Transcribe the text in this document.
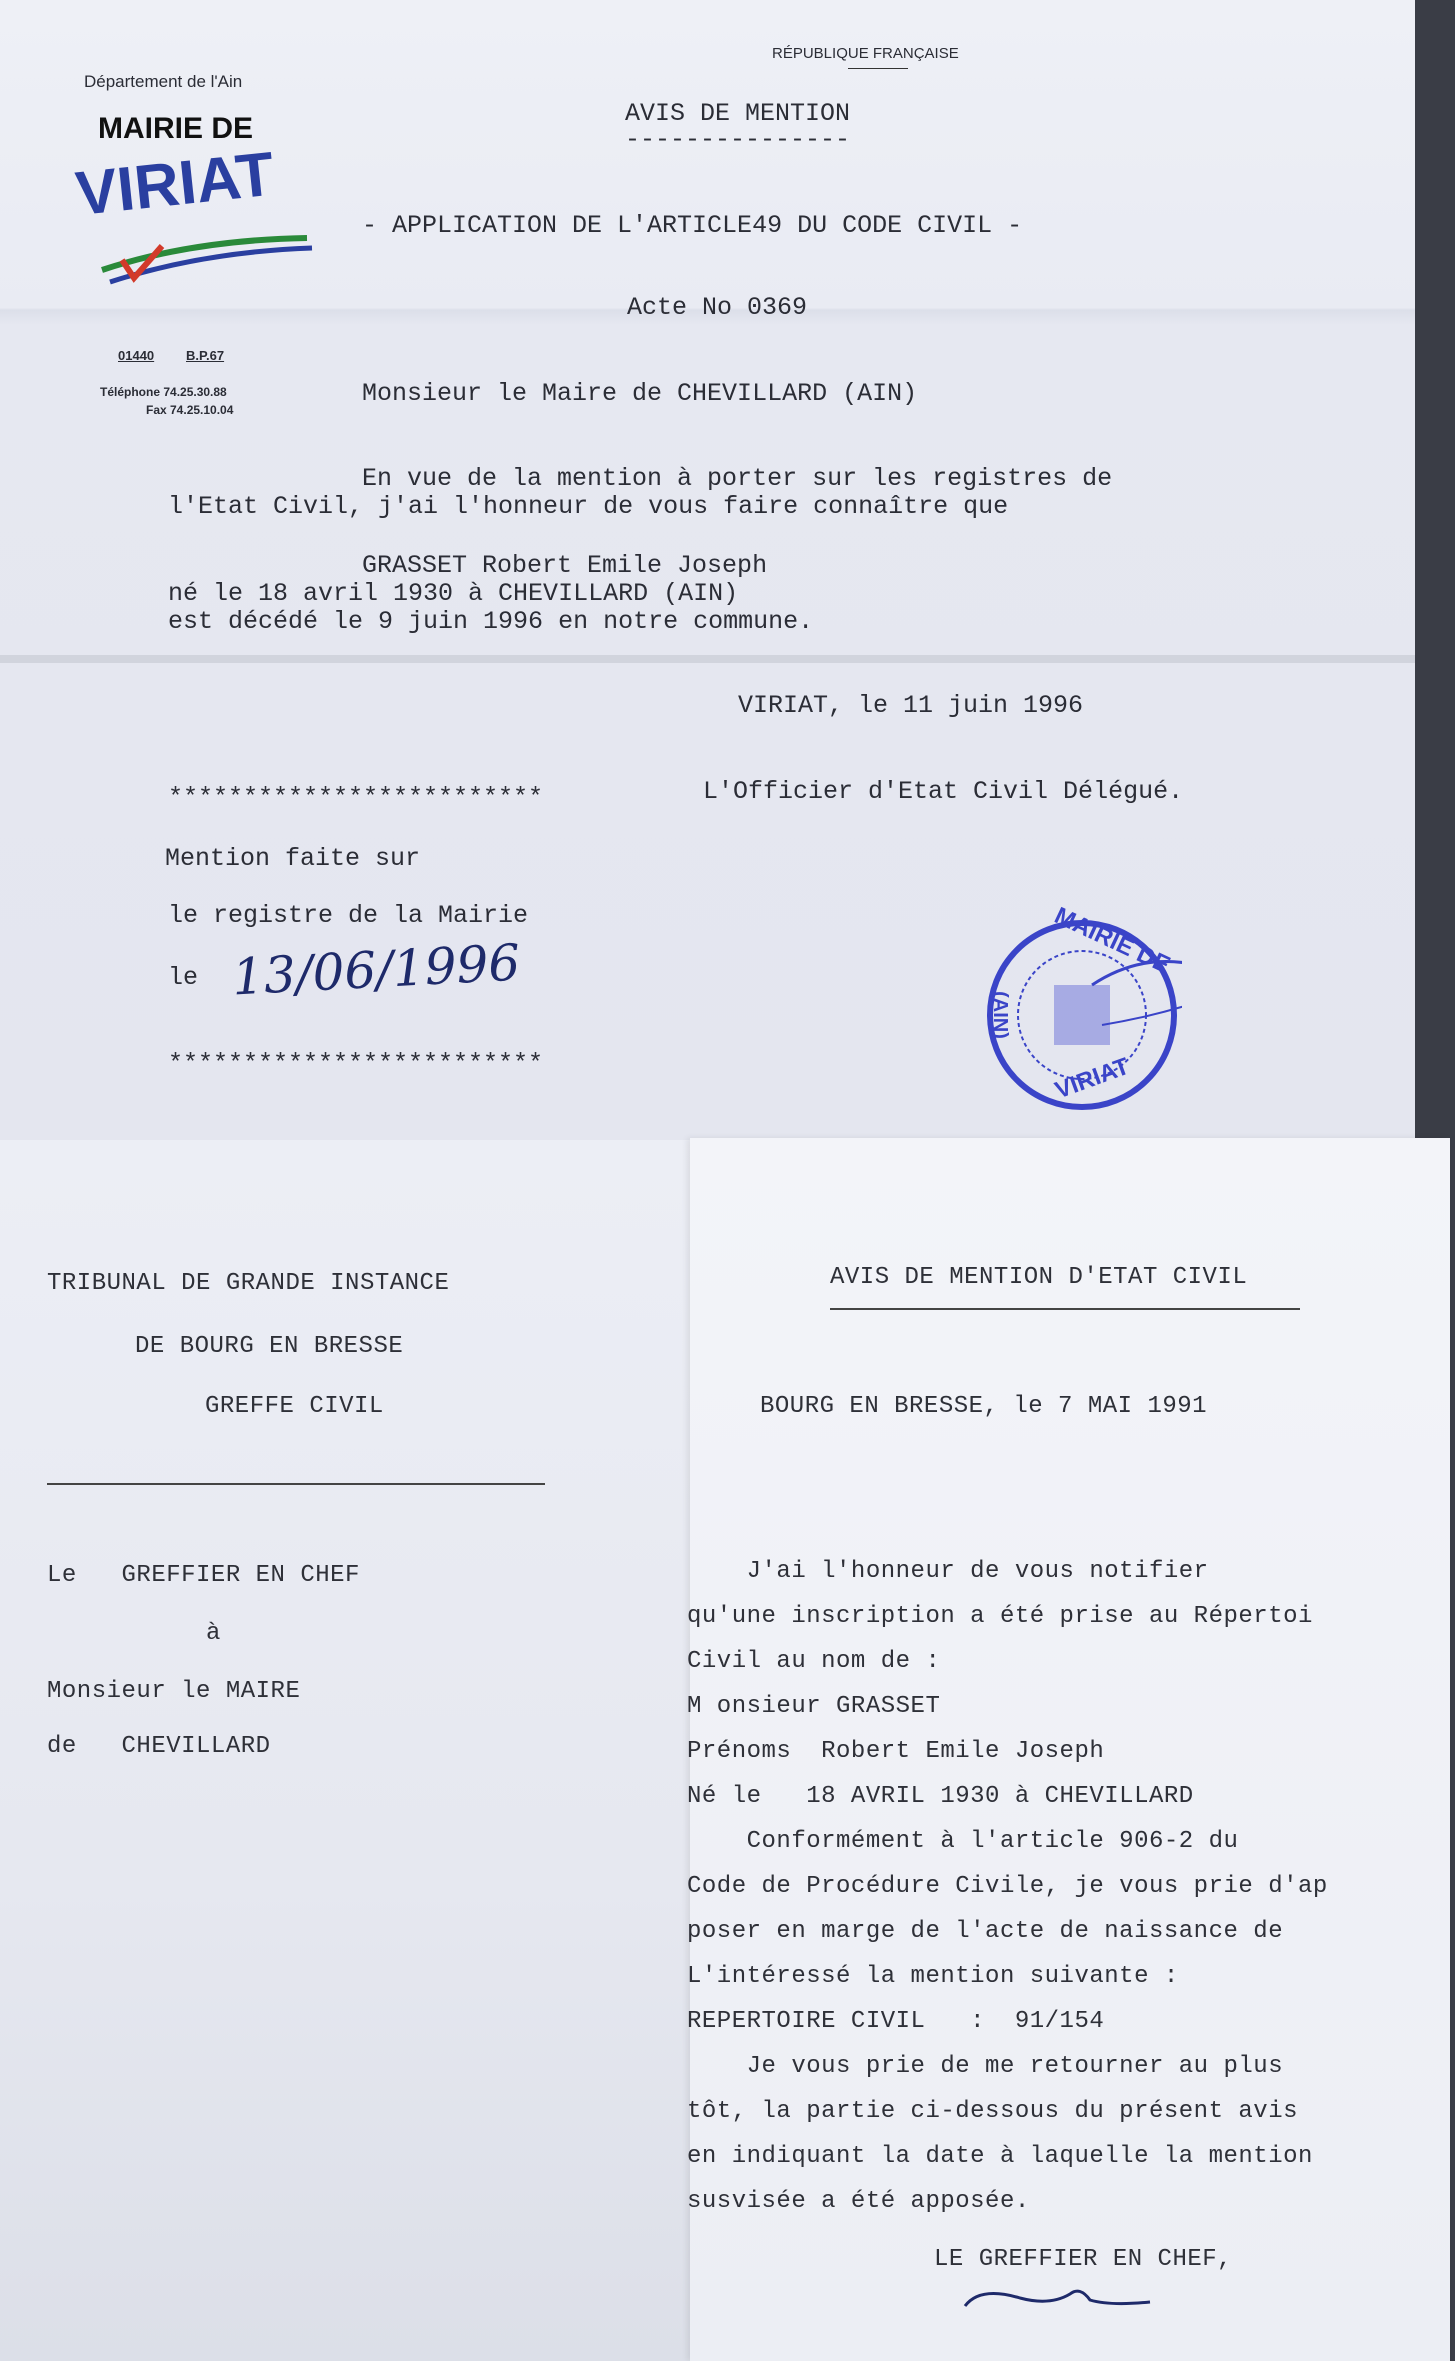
RÉPUBLIQUE FRANÇAISE
Département de l'Ain
MAIRIE DE
VIRIAT
01440 B.P.67
Téléphone 74.25.30.88
Fax 74.25.10.04
AVIS DE MENTION
---------------
- APPLICATION DE L'ARTICLE49 DU CODE CIVIL -
Acte No 0369
Monsieur le Maire de CHEVILLARD (AIN)
En vue de la mention à porter sur les registres de
l'Etat Civil, j'ai l'honneur de vous faire connaître que
GRASSET Robert Emile Joseph
né le 18 avril 1930 à CHEVILLARD (AIN)
est décédé le 9 juin 1996 en notre commune.
VIRIAT, le 11 juin 1996
*************************	L'Officier d'Etat Civil Délégué.
Mention faite sur
le registre de la Mairie
le 13/06/1996
*************************
MAIRIE DE
VIRIAT
(AIN)
TRIBUNAL DE GRANDE INSTANCE
DE BOURG EN BRESSE
GREFFE CIVIL
Le   GREFFIER EN CHEF
à
Monsieur le MAIRE
de   CHEVILLARD
AVIS DE MENTION D'ETAT CIVIL
BOURG EN BRESSE, le 7 MAI 1991
J'ai l'honneur de vous notifier
qu'une inscription a été prise au Répertoi
Civil au nom de :
M onsieur GRASSET
Prénoms  Robert Emile Joseph
Né le   18 AVRIL 1930 à CHEVILLARD
Conformément à l'article 906-2 du
Code de Procédure Civile, je vous prie d'ap
poser en marge de l'acte de naissance de
L'intéressé la mention suivante :
REPERTOIRE CIVIL   :  91/154
Je vous prie de me retourner au plus
tôt, la partie ci-dessous du présent avis
en indiquant la date à laquelle la mention
susvisée a été apposée.
LE GREFFIER EN CHEF,
